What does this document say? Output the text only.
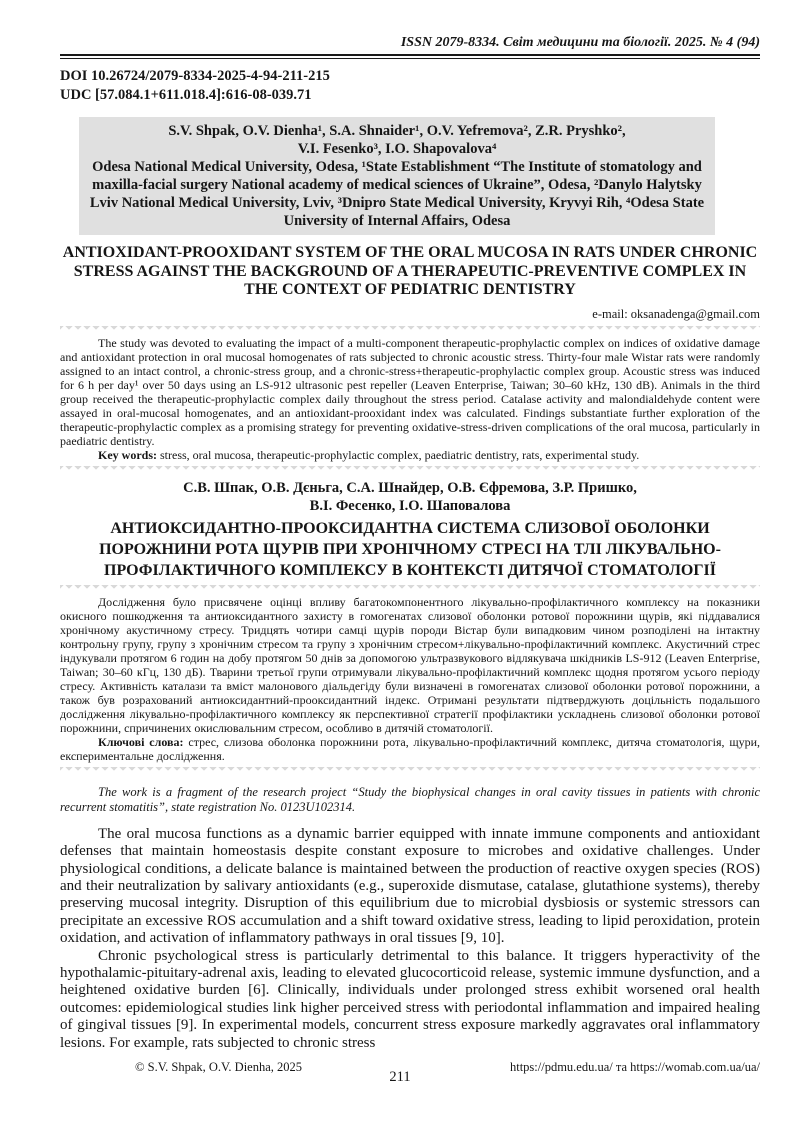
ISSN 2079-8334. Світ медицини та біології. 2025. № 4 (94)
DOI 10.26724/2079-8334-2025-4-94-211-215
UDC [57.084.1+611.018.4]:616-08-039.71
S.V. Shpak, O.V. Dienha¹, S.A. Shnaider¹, O.V. Yefremova², Z.R. Pryshko²,
V.I. Fesenko³, I.O. Shapovalova⁴
Odesa National Medical University, Odesa, ¹State Establishment “The Institute of stomatology and maxilla-facial surgery National academy of medical sciences of Ukraine”, Odesa, ²Danylo Halytsky Lviv National Medical University, Lviv, ³Dnipro State Medical University, Kryvyi Rih, ⁴Odesa State University of Internal Affairs, Odesa
ANTIOXIDANT-PROOXIDANT SYSTEM OF THE ORAL MUCOSA IN RATS UNDER CHRONIC STRESS AGAINST THE BACKGROUND OF A THERAPEUTIC-PREVENTIVE COMPLEX IN THE CONTEXT OF PEDIATRIC DENTISTRY
e-mail: oksanadenga@gmail.com

The study was devoted to evaluating the impact of a multi-component therapeutic-prophylactic complex on indices of oxidative damage and antioxidant protection in oral mucosal homogenates of rats subjected to chronic acoustic stress. Thirty-four male Wistar rats were randomly assigned to an intact control, a chronic-stress group, and a chronic-stress+therapeutic-prophylactic complex group. Acoustic stress was induced for 6 h per day¹ over 50 days using an LS-912 ultrasonic pest repeller (Leaven Enterprise, Taiwan; 30–60 kHz, 130 dB). Animals in the third group received the therapeutic-prophylactic complex daily throughout the stress period. Catalase activity and malondialdehyde content were assayed in oral-mucosal homogenates, and an antioxidant-prooxidant index was calculated. Findings substantiate further exploration of the therapeutic-prophylactic complex as a promising strategy for preventing oxidative-stress-driven complications of the oral mucosa, particularly in paediatric dentistry.

Key words: stress, oral mucosa, therapeutic-prophylactic complex, paediatric dentistry, rats, experimental study.

С.В. Шпак, О.В. Дєньга, С.А. Шнайдер, О.В. Єфремова, З.Р. Пришко,
В.І. Фесенко, І.О. Шаповалова
АНТИОКСИДАНТНО-ПРООКСИДАНТНА СИСТЕМА СЛИЗОВОЇ ОБОЛОНКИ ПОРОЖНИНИ РОТА ЩУРІВ ПРИ ХРОНІЧНОМУ СТРЕСІ НА ТЛІ ЛІКУВАЛЬНО-ПРОФІЛАКТИЧНОГО КОМПЛЕКСУ В КОНТЕКСТІ ДИТЯЧОЇ СТОМАТОЛОГІЇ

Дослідження було присвячене оцінці впливу багатокомпонентного лікувально-профілактичного комплексу на показники окисного пошкодження та антиоксидантного захисту в гомогенатах слизової оболонки ротової порожнини щурів, які піддавалися хронічному акустичному стресу. Тридцять чотири самці щурів породи Вістар були випадковим чином розподілені на інтактну контрольну групу, групу з хронічним стресом та групу з хронічним стресом+лікувально-профілактичний комплекс. Акустичний стрес індукували протягом 6 годин на добу протягом 50 днів за допомогою ультразвукового відлякувача шкідників LS-912 (Leaven Enterprise, Taiwan; 30–60 кГц, 130 дБ). Тварини третьої групи отримували лікувально-профілактичний комплекс щодня протягом усього періоду стресу. Активність каталази та вміст малонового діальдегіду були визначені в гомогенатах слизової оболонки ротової порожнини, а також був розрахований антиоксидантний-прооксидантний індекс. Отримані результати підтверджують доцільність подальшого дослідження лікувально-профілактичного комплексу як перспективної стратегії профілактики ускладнень слизової оболонки ротової порожнини, спричинених окислювальним стресом, особливо в дитячій стоматології.

Ключові слова: стрес, слизова оболонка порожнини рота, лікувально-профілактичний комплекс, дитяча стоматологія, щури, експериментальне дослідження.

The work is a fragment of the research project “Study the biophysical changes in oral cavity tissues in patients with chronic recurrent stomatitis”, state registration No. 0123U102314.

The oral mucosa functions as a dynamic barrier equipped with innate immune components and antioxidant defenses that maintain homeostasis despite constant exposure to microbes and oxidative challenges. Under physiological conditions, a delicate balance is maintained between the production of reactive oxygen species (ROS) and their neutralization by salivary antioxidants (e.g., superoxide dismutase, catalase, glutathione systems), thereby preserving mucosal integrity. Disruption of this equilibrium due to microbial dysbiosis or systemic stressors can precipitate an excessive ROS accumulation and a shift toward oxidative stress, leading to lipid peroxidation, protein oxidation, and activation of inflammatory pathways in oral tissues [9, 10].

Chronic psychological stress is particularly detrimental to this balance. It triggers hyperactivity of the hypothalamic-pituitary-adrenal axis, leading to elevated glucocorticoid release, systemic immune dysfunction, and a heightened oxidative burden [6]. Clinically, individuals under prolonged stress exhibit worsened oral health outcomes: epidemiological studies link higher perceived stress with periodontal inflammation and impaired healing of gingival tissues [9]. In experimental models, concurrent stress exposure markedly aggravates oral inflammatory lesions. For example, rats subjected to chronic stress

© S.V. Shpak, O.V. Dienha, 2025
211
https://pdmu.edu.ua/ та https://womab.com.ua/ua/
